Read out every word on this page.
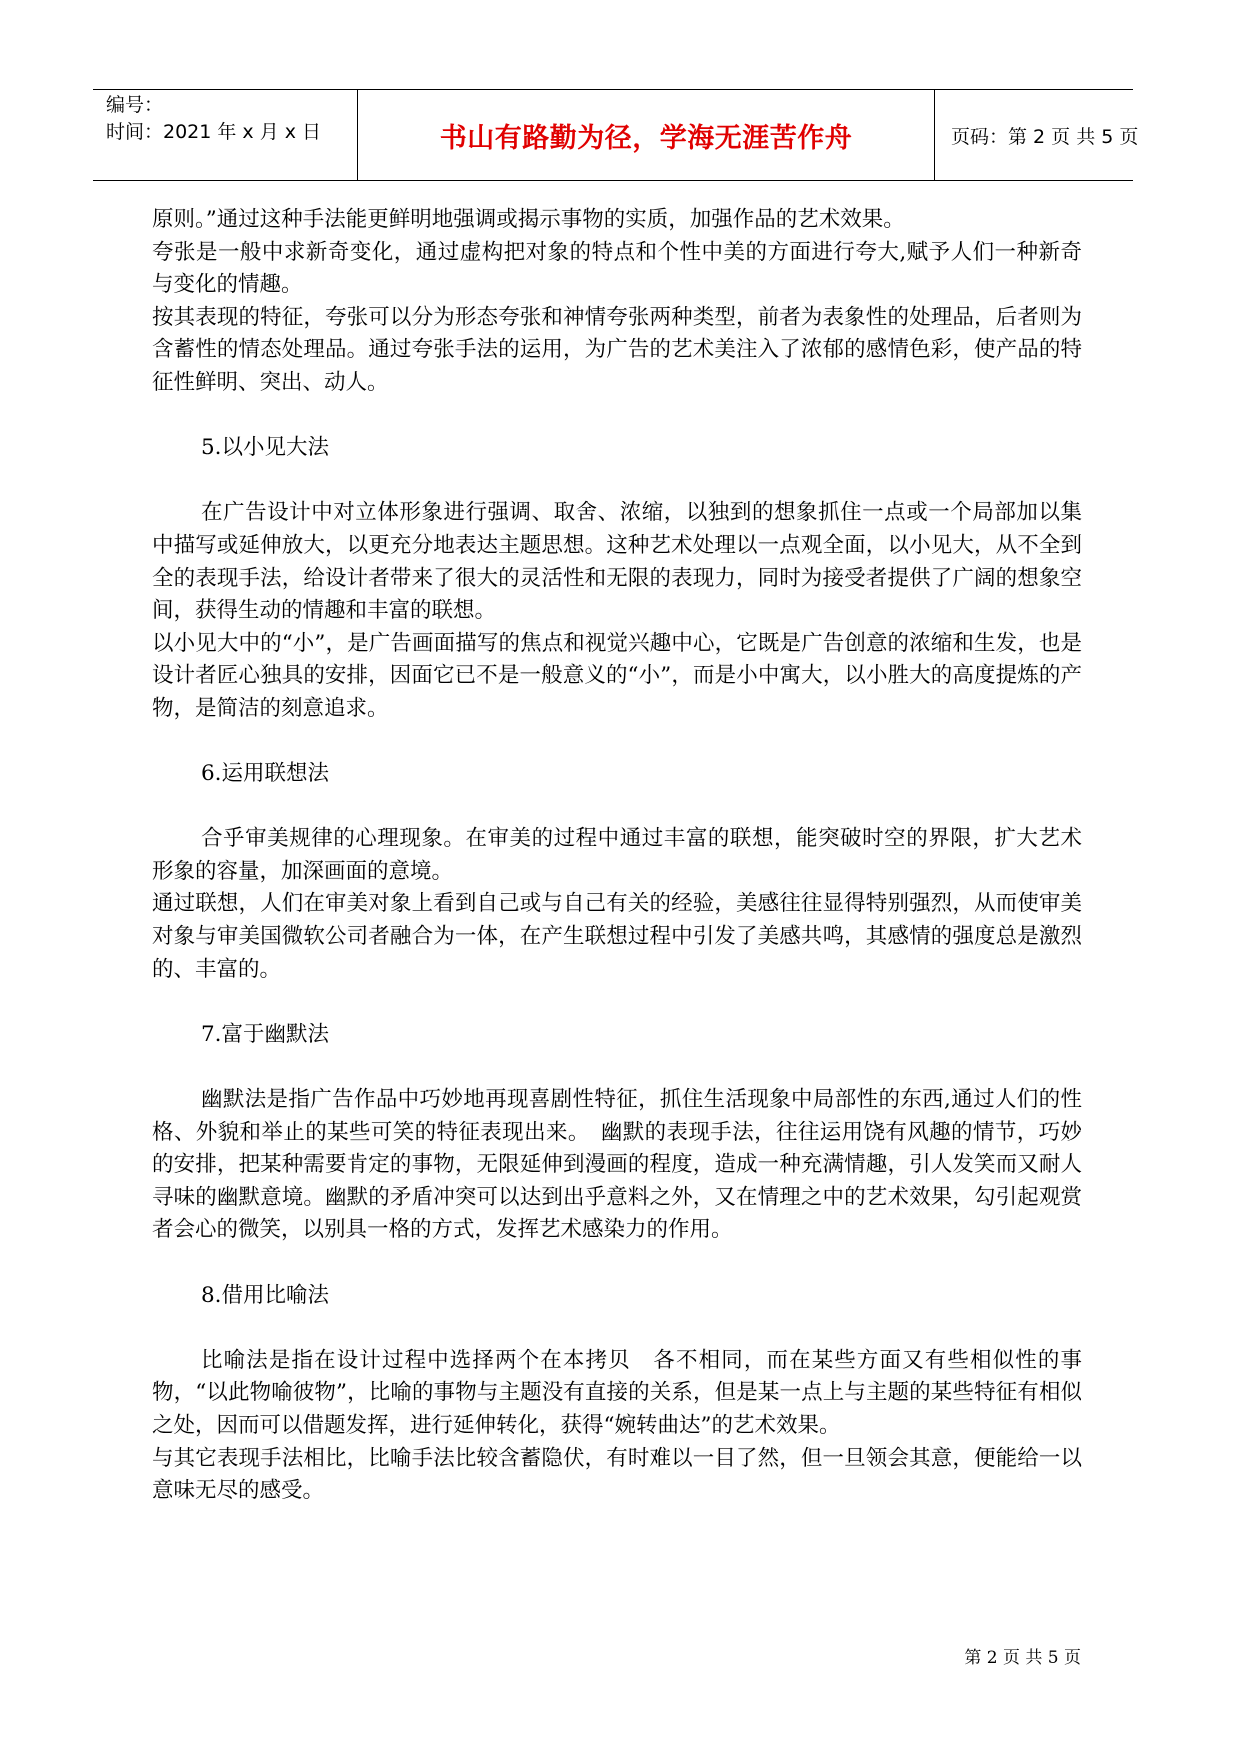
编号：
时间：2021 年 x 月 x 日	书山有路勤为径，学海无涯苦作舟	页码：第 2 页 共 5 页

原则。”通过这种手法能更鲜明地强调或揭示事物的实质，加强作品的艺术效果。

夸张是一般中求新奇变化，通过虚构把对象的特点和个性中美的方面进行夸大,赋予人们一种新奇与变化的情趣。

按其表现的特征，夸张可以分为形态夸张和神情夸张两种类型，前者为表象性的处理品，后者则为含蓄性的情态处理品。通过夸张手法的运用，为广告的艺术美注入了浓郁的感情色彩，使产品的特征性鲜明、突出、动人。

5.以小见大法

在广告设计中对立体形象进行强调、取舍、浓缩，以独到的想象抓住一点或一个局部加以集中描写或延伸放大，以更充分地表达主题思想。这种艺术处理以一点观全面，以小见大，从不全到全的表现手法，给设计者带来了很大的灵活性和无限的表现力，同时为接受者提供了广阔的想象空间，获得生动的情趣和丰富的联想。

以小见大中的“小”，是广告画面描写的焦点和视觉兴趣中心，它既是广告创意的浓缩和生发，也是设计者匠心独具的安排，因面它已不是一般意义的“小”，而是小中寓大，以小胜大的高度提炼的产物，是简洁的刻意追求。

6.运用联想法

合乎审美规律的心理现象。在审美的过程中通过丰富的联想，能突破时空的界限，扩大艺术形象的容量，加深画面的意境。

通过联想，人们在审美对象上看到自己或与自己有关的经验，美感往往显得特别强烈，从而使审美对象与审美国微软公司者融合为一体，在产生联想过程中引发了美感共鸣，其感情的强度总是激烈的、丰富的。

7.富于幽默法

幽默法是指广告作品中巧妙地再现喜剧性特征，抓住生活现象中局部性的东西,通过人们的性格、外貌和举止的某些可笑的特征表现出来。　幽默的表现手法，往往运用饶有风趣的情节，巧妙的安排，把某种需要肯定的事物，无限延伸到漫画的程度，造成一种充满情趣，引人发笑而又耐人寻味的幽默意境。幽默的矛盾冲突可以达到出乎意料之外，又在情理之中的艺术效果，勾引起观赏者会心的微笑，以别具一格的方式，发挥艺术感染力的作用。

8.借用比喻法

比喻法是指在设计过程中选择两个在本拷贝　各不相同，而在某些方面又有些相似性的事物，“以此物喻彼物”，比喻的事物与主题没有直接的关系，但是某一点上与主题的某些特征有相似之处，因而可以借题发挥，进行延伸转化，获得“婉转曲达”的艺术效果。

与其它表现手法相比，比喻手法比较含蓄隐伏，有时难以一目了然，但一旦领会其意，便能给一以意味无尽的感受。

第 2 页 共 5 页
